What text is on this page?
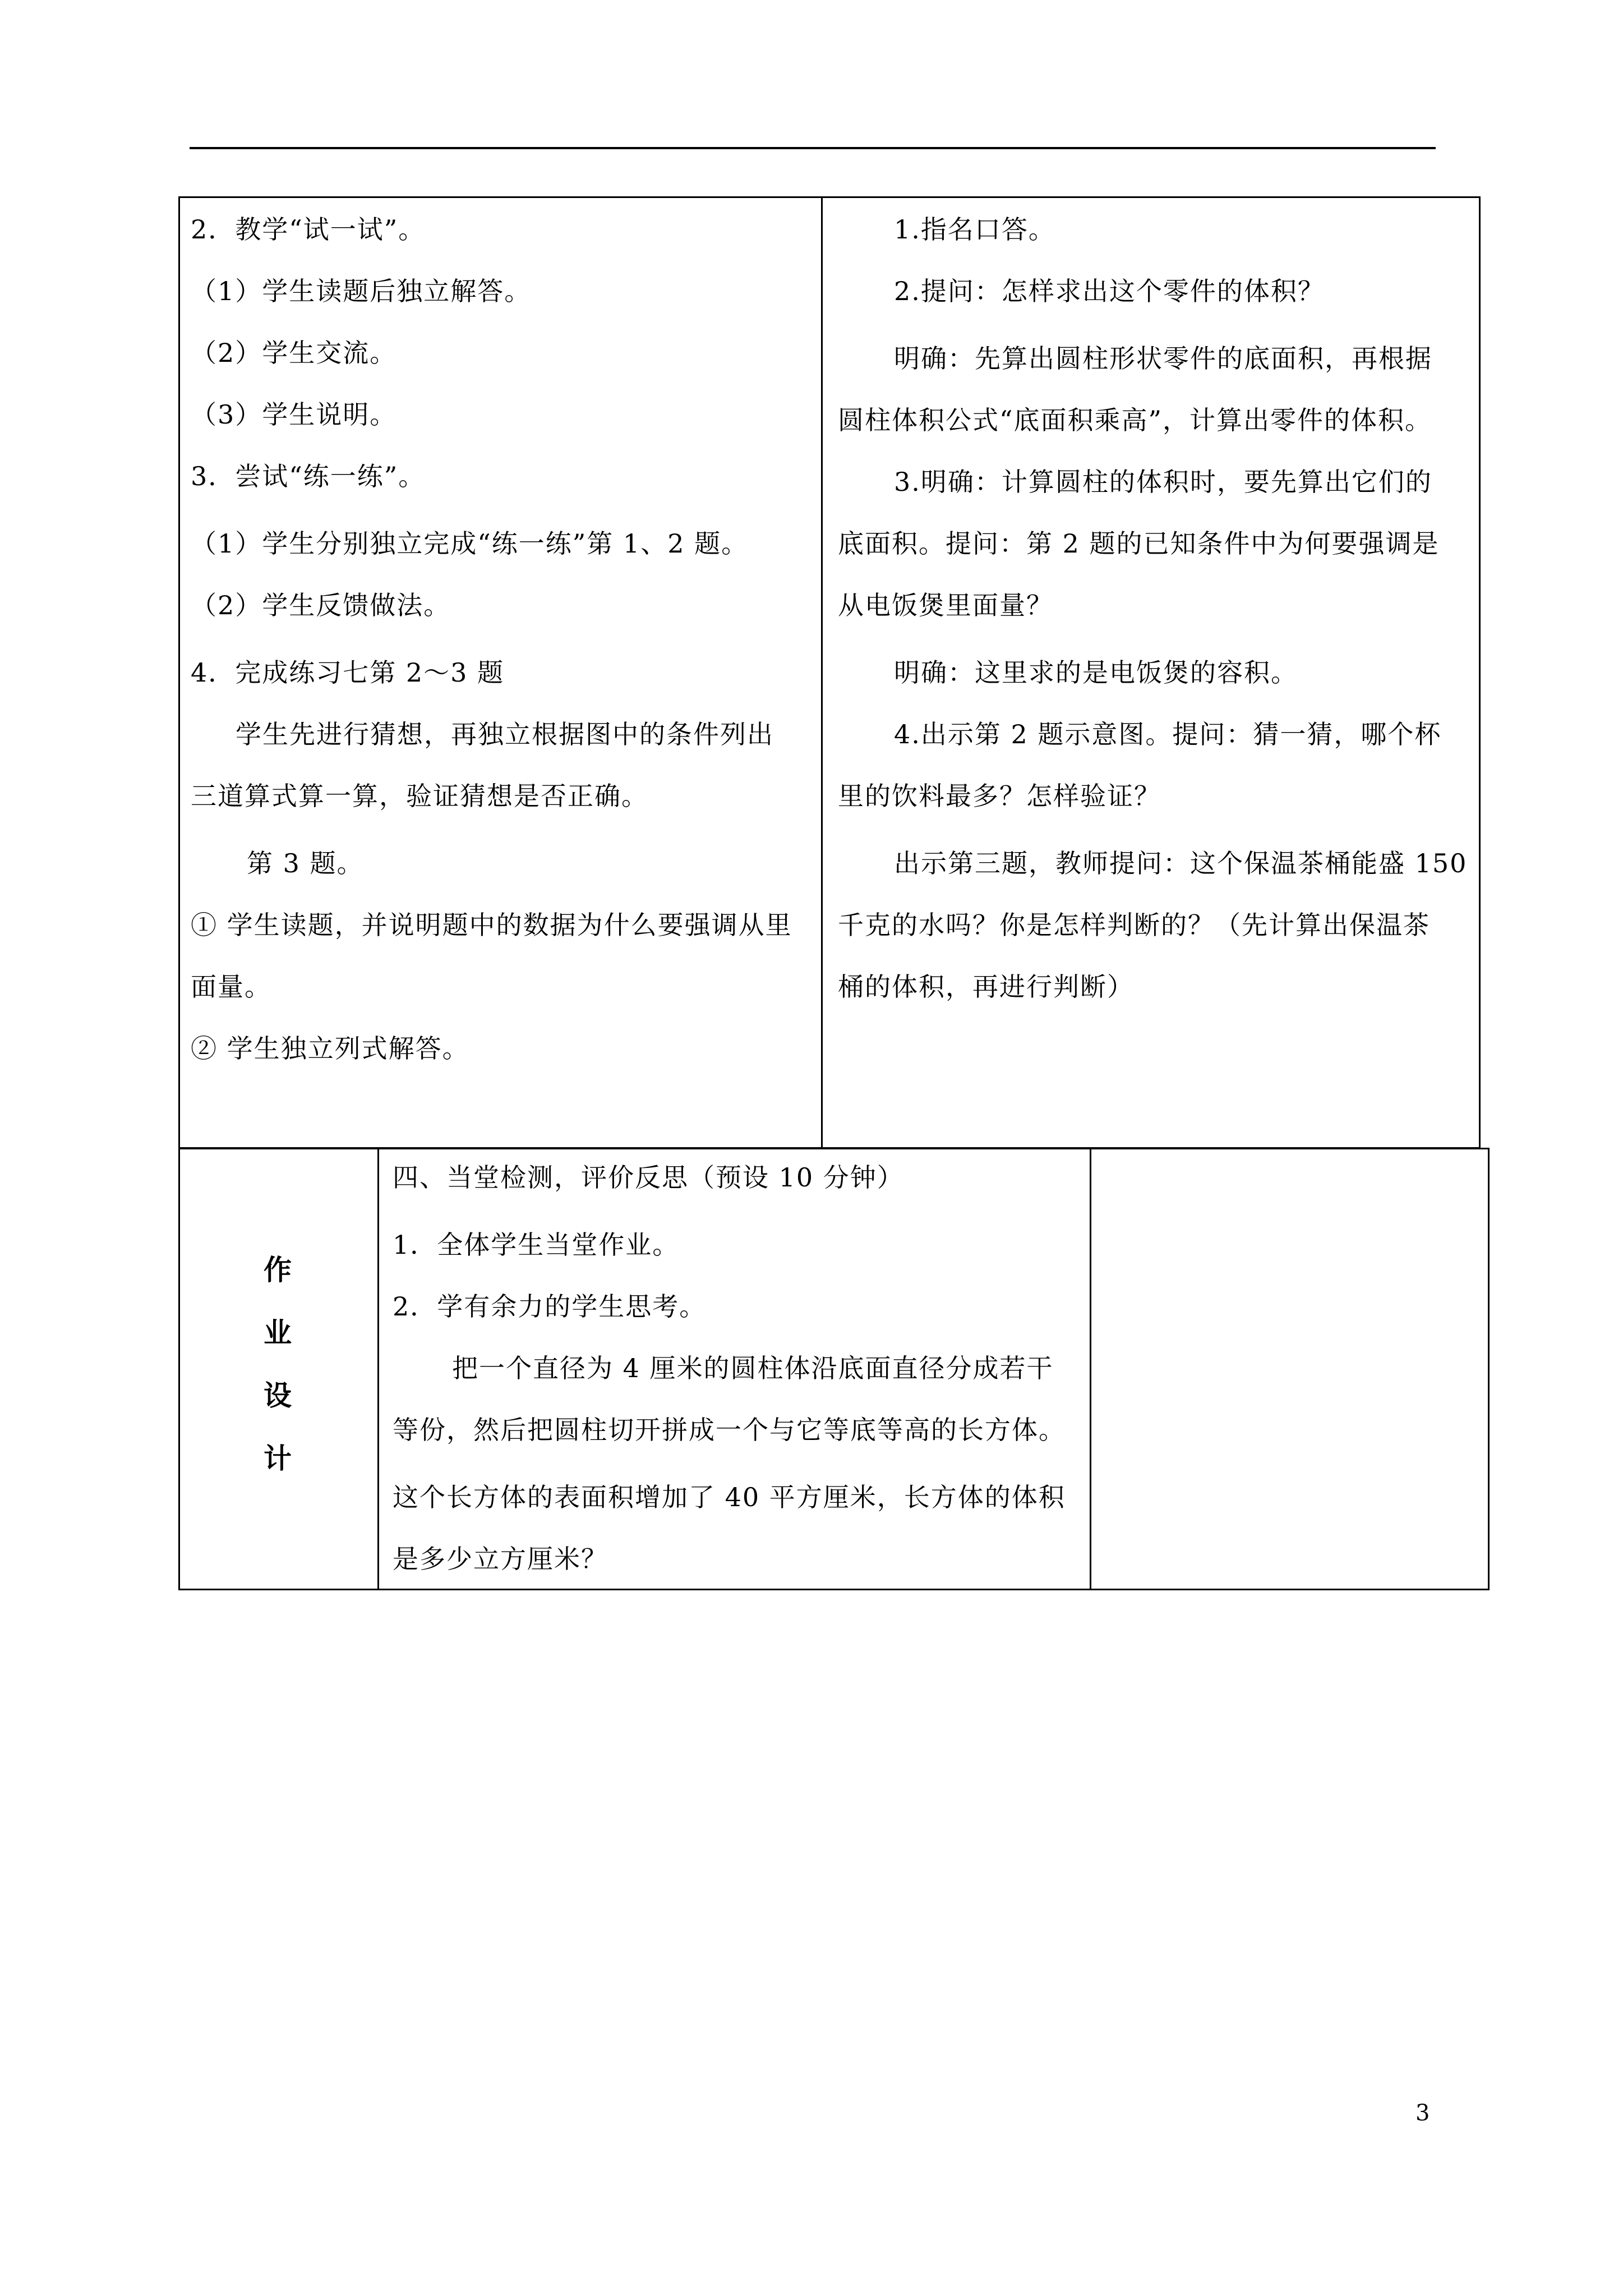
2．教学“试一试”。
（1）学生读题后独立解答。
（2）学生交流。
（3）学生说明。
3．尝试“练一练”。
（1）学生分别独立完成“练一练”第 1、2 题。
（2）学生反馈做法。
4．完成练习七第 2～3 题
学生先进行猜想，再独立根据图中的条件列出
三道算式算一算，验证猜想是否正确。
第 3 题。
① 学生读题，并说明题中的数据为什么要强调从里
面量。
② 学生独立列式解答。
1.指名口答。
2.提问：怎样求出这个零件的体积？
明确：先算出圆柱形状零件的底面积，再根据
圆柱体积公式“底面积乘高”，计算出零件的体积。
3.明确：计算圆柱的体积时，要先算出它们的
底面积。提问：第 2 题的已知条件中为何要强调是
从电饭煲里面量？
明确：这里求的是电饭煲的容积。
4.出示第 2 题示意图。提问：猜一猜，哪个杯
里的饮料最多？怎样验证？
出示第三题，教师提问：这个保温茶桶能盛 150
千克的水吗？你是怎样判断的？（先计算出保温茶
桶的体积，再进行判断）
作
业
设
计
四、当堂检测，评价反思（预设 10 分钟）
1．全体学生当堂作业。
2．学有余力的学生思考。
把一个直径为 4 厘米的圆柱体沿底面直径分成若干
等份，然后把圆柱切开拼成一个与它等底等高的长方体。
这个长方体的表面积增加了 40 平方厘米，长方体的体积
是多少立方厘米？
3
